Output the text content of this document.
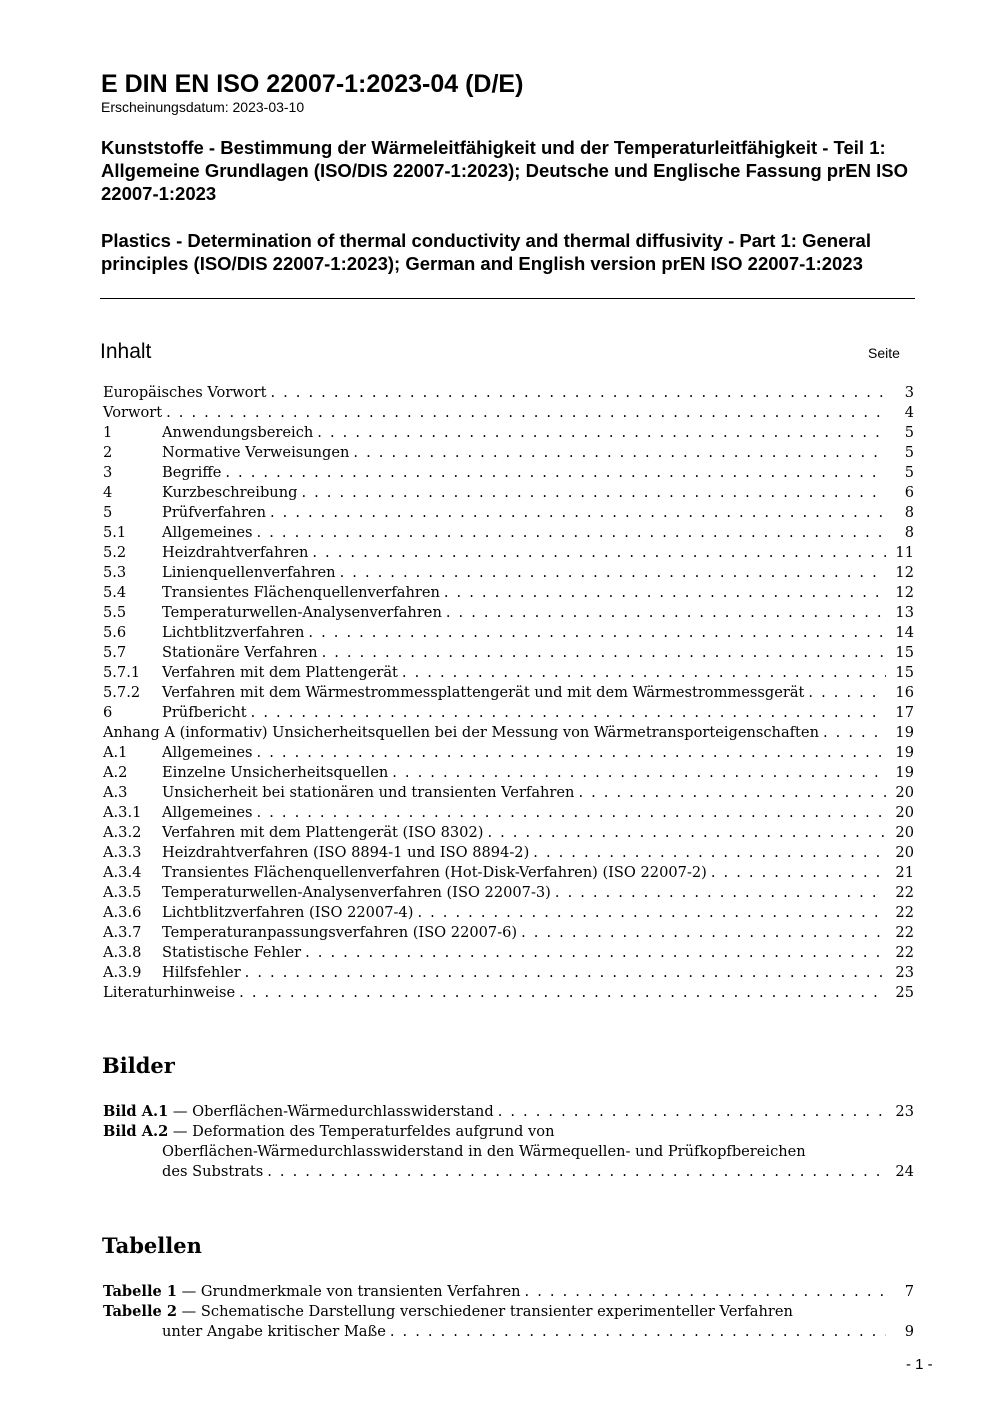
E DIN EN ISO 22007-1:2023-04 (D/E)
Erscheinungsdatum: 2023-03-10
Kunststoffe - Bestimmung der Wärmeleitfähigkeit und der Temperaturleitfähigkeit - Teil 1: Allgemeine Grundlagen (ISO/DIS 22007-1:2023); Deutsche und Englische Fassung prEN ISO 22007-1:2023
Plastics - Determination of thermal conductivity and thermal diffusivity - Part 1: General principles (ISO/DIS 22007-1:2023); German and English version prEN ISO 22007-1:2023
Inhalt	Seite
Europäisches Vorwort . . .	3
Vorwort . . .	4
1	Anwendungsbereich . . .	5
2	Normative Verweisungen . . .	5
3	Begriffe . . .	5
4	Kurzbeschreibung . . .	6
5	Prüfverfahren . . .	8
5.1	Allgemeines . . .	8
5.2	Heizdrahtverfahren . . .	11
5.3	Linienquellenverfahren . . .	12
5.4	Transientes Flächenquellenverfahren . . .	12
5.5	Temperaturwellen-Analysenverfahren . . .	13
5.6	Lichtblitzverfahren . . .	14
5.7	Stationäre Verfahren . . .	15
5.7.1	Verfahren mit dem Plattengerät . . .	15
5.7.2	Verfahren mit dem Wärmestrommessplattengerät und mit dem Wärmestrommessgerät . . .	16
6	Prüfbericht . . .	17
Anhang A (informativ) Unsicherheitsquellen bei der Messung von Wärmetransporteigenschaften . . .	19
A.1	Allgemeines . . .	19
A.2	Einzelne Unsicherheitsquellen . . .	19
A.3	Unsicherheit bei stationären und transienten Verfahren . . .	20
A.3.1	Allgemeines . . .	20
A.3.2	Verfahren mit dem Plattengerät (ISO 8302) . . .	20
A.3.3	Heizdrahtverfahren (ISO 8894-1 und ISO 8894-2) . . .	20
A.3.4	Transientes Flächenquellenverfahren (Hot-Disk-Verfahren) (ISO 22007-2) . . .	21
A.3.5	Temperaturwellen-Analysenverfahren (ISO 22007-3) . . .	22
A.3.6	Lichtblitzverfahren (ISO 22007-4) . . .	22
A.3.7	Temperaturanpassungsverfahren (ISO 22007-6) . . .	22
A.3.8	Statistische Fehler . . .	22
A.3.9	Hilfsfehler . . .	23
Literaturhinweise . . .	25
Bilder
Bild A.1 — Oberflächen-Wärmedurchlasswiderstand . . .	23
Bild A.2 — Deformation des Temperaturfeldes aufgrund von
Oberflächen-Wärmedurchlasswiderstand in den Wärmequellen- und Prüfkopfbereichen
des Substrats . . .	24
Tabellen
Tabelle 1 — Grundmerkmale von transienten Verfahren . . .	7
Tabelle 2 — Schematische Darstellung verschiedener transienter experimenteller Verfahren
unter Angabe kritischer Maße . . .	9
- 1 -
